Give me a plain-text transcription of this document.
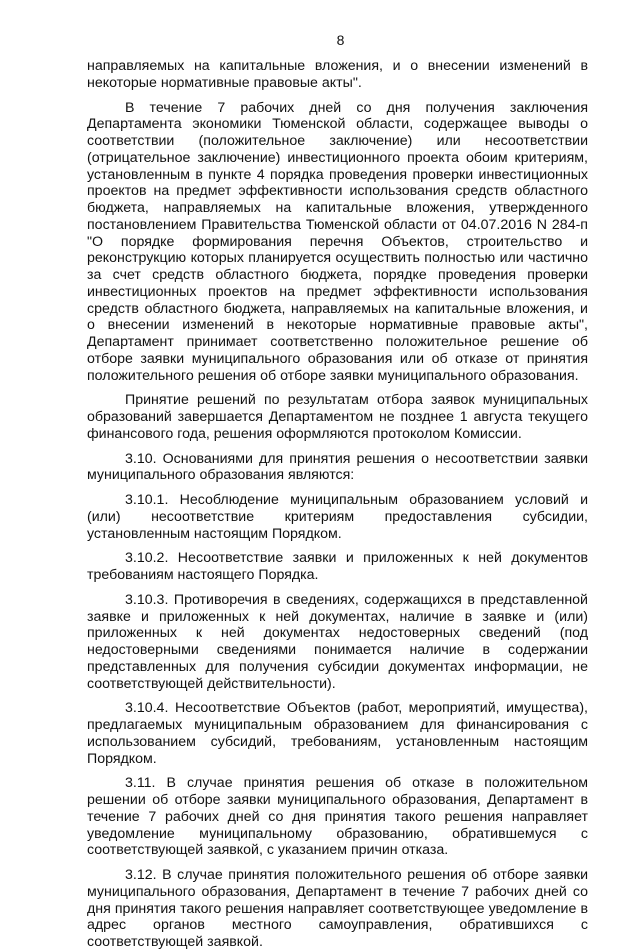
8

направляемых на капитальные вложения, и о внесении изменений в некоторые нормативные правовые акты".

В течение 7 рабочих дней со дня получения заключения Департамента экономики Тюменской области, содержащее выводы о соответствии (положительное заключение) или несоответствии (отрицательное заключение) инвестиционного проекта обоим критериям, установленным в пункте 4 порядка проведения проверки инвестиционных проектов на предмет эффективности использования средств областного бюджета, направляемых на капитальные вложения, утвержденного постановлением Правительства Тюменской области от 04.07.2016 N 284-п "О порядке формирования перечня Объектов, строительство и реконструкцию которых планируется осуществить полностью или частично за счет средств областного бюджета, порядке проведения проверки инвестиционных проектов на предмет эффективности использования средств областного бюджета, направляемых на капитальные вложения, и о внесении изменений в некоторые нормативные правовые акты", Департамент принимает соответственно положительное решение об отборе заявки муниципального образования или об отказе от принятия положительного решения об отборе заявки муниципального образования.

Принятие решений по результатам отбора заявок муниципальных образований завершается Департаментом не позднее 1 августа текущего финансового года, решения оформляются протоколом Комиссии.

3.10. Основаниями для принятия решения о несоответствии заявки муниципального образования являются:

3.10.1. Несоблюдение муниципальным образованием условий и (или) несоответствие критериям предоставления субсидии, установленным настоящим Порядком.

3.10.2. Несоответствие заявки и приложенных к ней документов требованиям настоящего Порядка.

3.10.3. Противоречия в сведениях, содержащихся в представленной заявке и приложенных к ней документах, наличие в заявке и (или) приложенных к ней документах недостоверных сведений (под недостоверными сведениями понимается наличие в содержании представленных для получения субсидии документах информации, не соответствующей действительности).

3.10.4. Несоответствие Объектов (работ, мероприятий, имущества), предлагаемых муниципальным образованием для финансирования с использованием субсидий, требованиям, установленным настоящим Порядком.

3.11. В случае принятия решения об отказе в положительном решении об отборе заявки муниципального образования, Департамент в течение 7 рабочих дней со дня принятия такого решения направляет уведомление муниципальному образованию, обратившемуся с соответствующей заявкой, с указанием причин отказа.

3.12. В случае принятия положительного решения об отборе заявки муниципального образования, Департамент в течение 7 рабочих дней со дня принятия такого решения направляет соответствующее уведомление в адрес органов местного самоуправления, обратившихся с соответствующей заявкой.
